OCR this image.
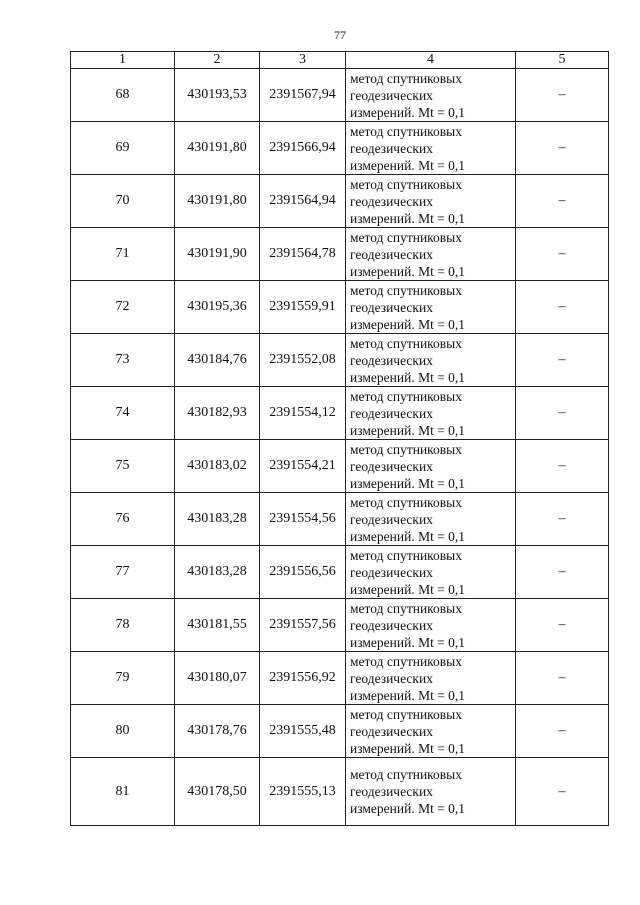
77
1	2	3	4	5
68	430193,53	2391567,94	метод спутниковых
геодезических
измерений. Mt = 0,1	–
69	430191,80	2391566,94	метод спутниковых
геодезических
измерений. Mt = 0,1	–
70	430191,80	2391564,94	метод спутниковых
геодезических
измерений. Mt = 0,1	–
71	430191,90	2391564,78	метод спутниковых
геодезических
измерений. Mt = 0,1	–
72	430195,36	2391559,91	метод спутниковых
геодезических
измерений. Mt = 0,1	–
73	430184,76	2391552,08	метод спутниковых
геодезических
измерений. Mt = 0,1	–
74	430182,93	2391554,12	метод спутниковых
геодезических
измерений. Mt = 0,1	–
75	430183,02	2391554,21	метод спутниковых
геодезических
измерений. Mt = 0,1	–
76	430183,28	2391554,56	метод спутниковых
геодезических
измерений. Mt = 0,1	–
77	430183,28	2391556,56	метод спутниковых
геодезических
измерений. Mt = 0,1	–
78	430181,55	2391557,56	метод спутниковых
геодезических
измерений. Mt = 0,1	–
79	430180,07	2391556,92	метод спутниковых
геодезических
измерений. Mt = 0,1	–
80	430178,76	2391555,48	метод спутниковых
геодезических
измерений. Mt = 0,1	–
81	430178,50	2391555,13	метод спутниковых
геодезических
измерений. Mt = 0,1	–
